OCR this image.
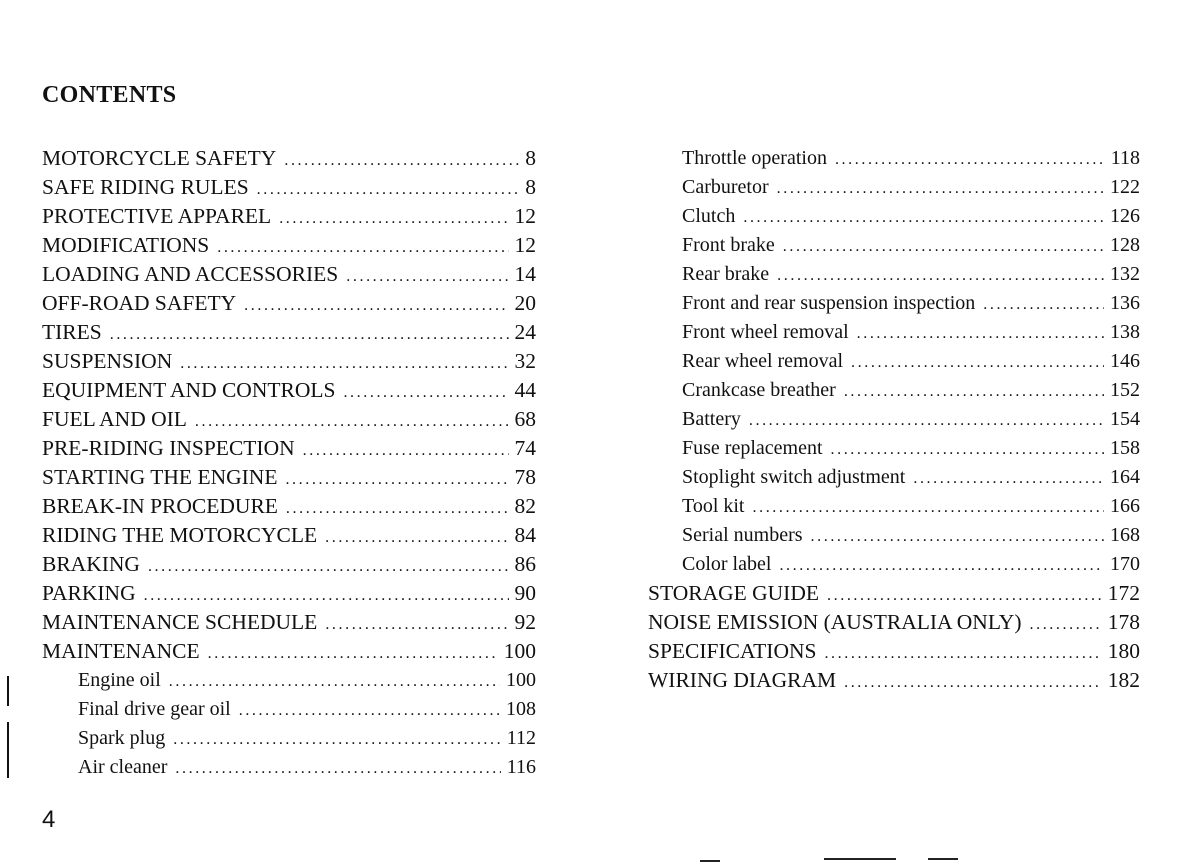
CONTENTS
MOTORCYCLE SAFETY .....	8
SAFE RIDING RULES .....	8
PROTECTIVE APPAREL .....	12
MODIFICATIONS .....	12
LOADING AND ACCESSORIES .....	14
OFF-ROAD SAFETY .....	20
TIRES .....	24
SUSPENSION .....	32
EQUIPMENT AND CONTROLS .....	44
FUEL AND OIL .....	68
PRE-RIDING INSPECTION .....	74
STARTING THE ENGINE .....	78
BREAK-IN PROCEDURE .....	82
RIDING THE MOTORCYCLE .....	84
BRAKING .....	86
PARKING .....	90
MAINTENANCE SCHEDULE .....	92
MAINTENANCE .....	100
Engine oil .....	100
Final drive gear oil .....	108
Spark plug .....	112
Air cleaner .....	116
Throttle operation .....	118
Carburetor .....	122
Clutch .....	126
Front brake .....	128
Rear brake .....	132
Front and rear suspension inspection .....	136
Front wheel removal .....	138
Rear wheel removal .....	146
Crankcase breather .....	152
Battery .....	154
Fuse replacement .....	158
Stoplight switch adjustment .....	164
Tool kit .....	166
Serial numbers .....	168
Color label .....	170
STORAGE GUIDE .....	172
NOISE EMISSION (AUSTRALIA ONLY) .....	178
SPECIFICATIONS .....	180
WIRING DIAGRAM .....	182
4
